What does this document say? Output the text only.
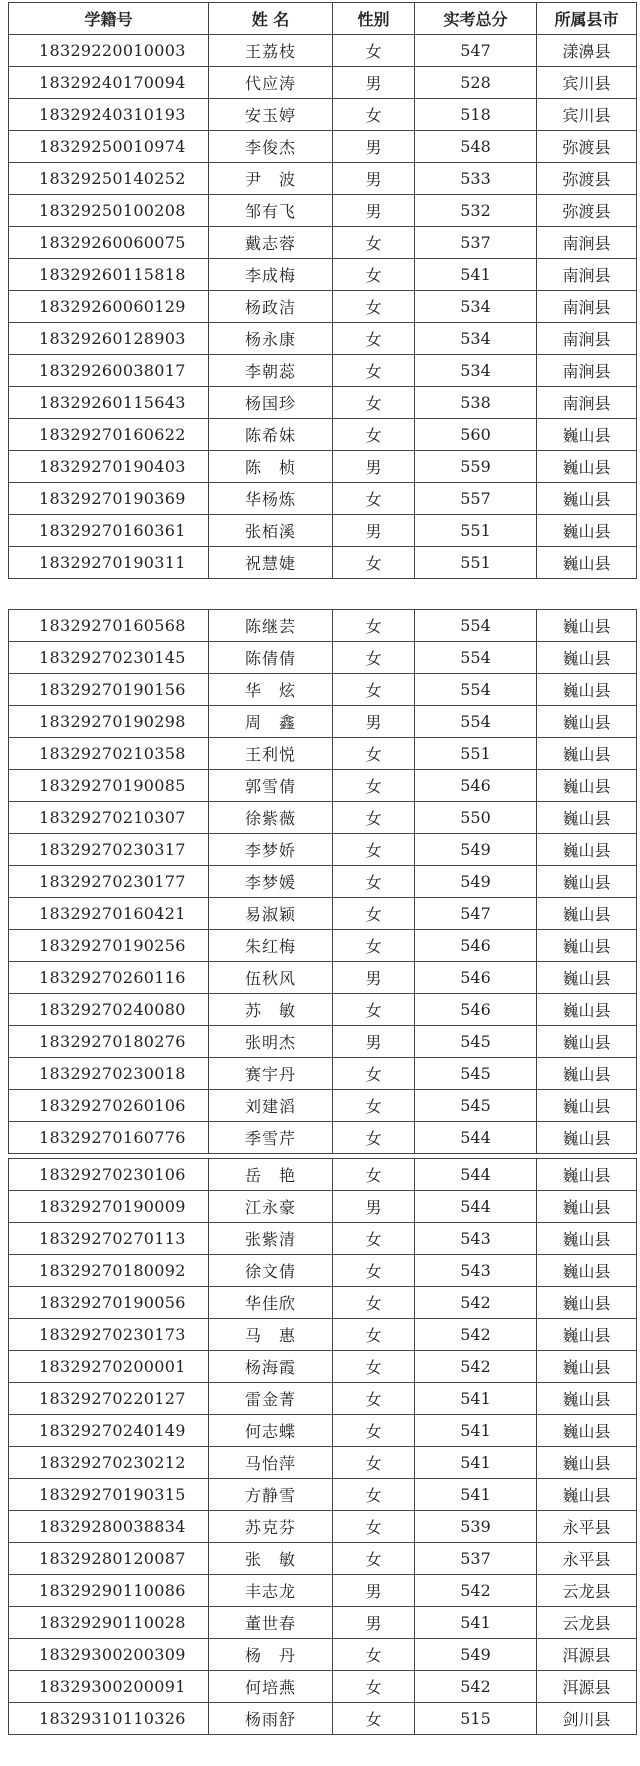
学籍号	姓 名	性别	实考总分	所属县市
18329220010003	王荔枝	女	547	漾濞县
18329240170094	代应涛	男	528	宾川县
18329240310193	安玉婷	女	518	宾川县
18329250010974	李俊杰	男	548	弥渡县
18329250140252	尹　波	男	533	弥渡县
18329250100208	邹有飞	男	532	弥渡县
18329260060075	戴志蓉	女	537	南涧县
18329260115818	李成梅	女	541	南涧县
18329260060129	杨政洁	女	534	南涧县
18329260128903	杨永康	女	534	南涧县
18329260038017	李朝蕊	女	534	南涧县
18329260115643	杨国珍	女	538	南涧县
18329270160622	陈希妹	女	560	巍山县
18329270190403	陈　桢	男	559	巍山县
18329270190369	华杨炼	女	557	巍山县
18329270160361	张栢溪	男	551	巍山县
18329270190311	祝慧婕	女	551	巍山县
18329270160568	陈继芸	女	554	巍山县
18329270230145	陈倩倩	女	554	巍山县
18329270190156	华　炫	女	554	巍山县
18329270190298	周　鑫	男	554	巍山县
18329270210358	王利悦	女	551	巍山县
18329270190085	郭雪倩	女	546	巍山县
18329270210307	徐紫薇	女	550	巍山县
18329270230317	李梦娇	女	549	巍山县
18329270230177	李梦媛	女	549	巍山县
18329270160421	易淑颖	女	547	巍山县
18329270190256	朱红梅	女	546	巍山县
18329270260116	伍秋风	男	546	巍山县
18329270240080	苏　敏	女	546	巍山县
18329270180276	张明杰	男	545	巍山县
18329270230018	赛宇丹	女	545	巍山县
18329270260106	刘建滔	女	545	巍山县
18329270160776	季雪芹	女	544	巍山县
18329270230106	岳　艳	女	544	巍山县
18329270190009	江永豪	男	544	巍山县
18329270270113	张紫清	女	543	巍山县
18329270180092	徐文倩	女	543	巍山县
18329270190056	华佳欣	女	542	巍山县
18329270230173	马　惠	女	542	巍山县
18329270200001	杨海霞	女	542	巍山县
18329270220127	雷金菁	女	541	巍山县
18329270240149	何志蝶	女	541	巍山县
18329270230212	马怡萍	女	541	巍山县
18329270190315	方静雪	女	541	巍山县
18329280038834	苏克芬	女	539	永平县
18329280120087	张　敏	女	537	永平县
18329290110086	丰志龙	男	542	云龙县
18329290110028	董世春	男	541	云龙县
18329300200309	杨　丹	女	549	洱源县
18329300200091	何培燕	女	542	洱源县
18329310110326	杨雨舒	女	515	剑川县
